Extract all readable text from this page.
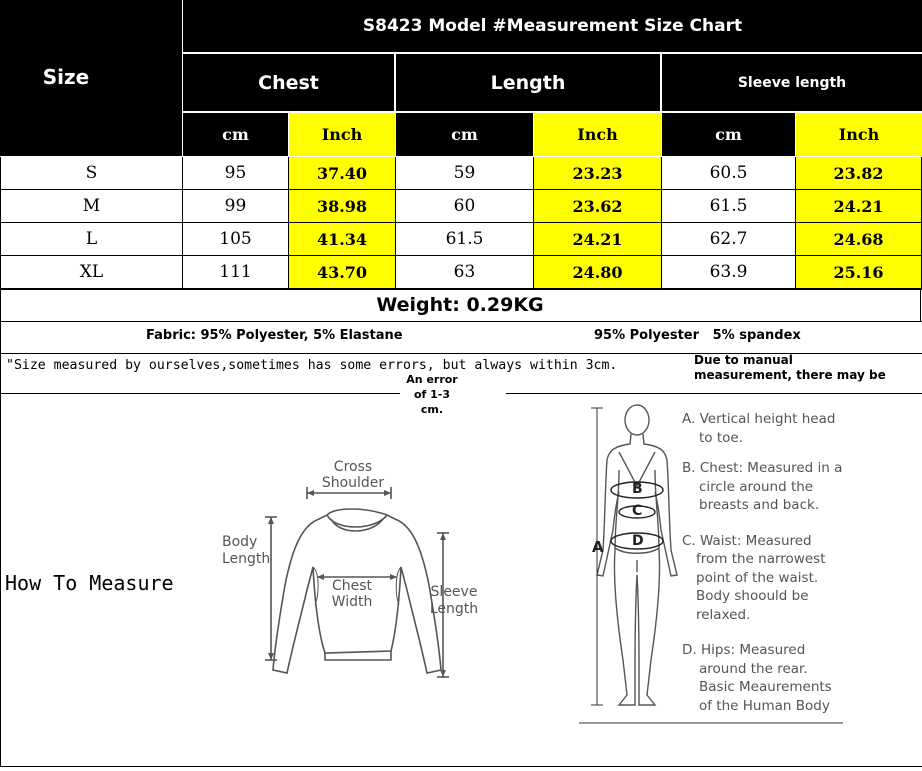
Size
S8423 Model #Measurement Size Chart
Chest	Length	Sleeve length
cm	Inch	cm	Inch	cm	Inch
S	95	37.40	59	23.23	60.5	23.82
M	99	38.98	60	23.62	61.5	24.21
L	105	41.34	61.5	24.21	62.7	24.68
XL	111	43.70	63	24.80	63.9	25.16
Weight: 0.29KG
Fabric: 95% Polyester, 5% Elastane	95% Polyester   5% spandex
"Size measured by ourselves,sometimes has some errors, but always within 3cm.	Due to manual measurement, there may be
An error of 1-3 cm.
How To Measure
Cross Shoulder
Body Length
Chest Width
Sleeve Length
A
B
C
D
A. Vertical height head
to toe.
B. Chest: Measured in a
circle around the
breasts and back.
C. Waist: Measured
from the narrowest
point of the waist.
Body shoould be
relaxed.
D. Hips: Measured
around the rear.
Basic Meaurements
of the Human Body
